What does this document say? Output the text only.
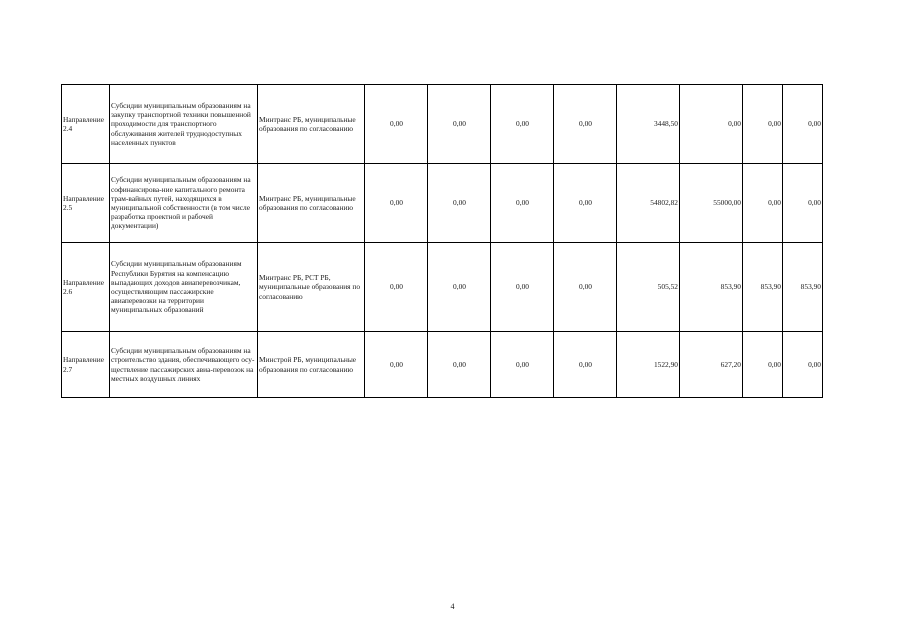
Направление 2.4	Субсидии муниципальным образованиям на закупку транспортной техники повышенной проходимости для транспортного обслуживания жителей труднодоступных населенных пунктов	Минтранс РБ, муниципальные образования по согласованию	0,00	0,00	0,00	0,00	3448,50	0,00	0,00	0,00
Направление 2.5	Субсидии муниципальным образованиям на софинансирова-ние капитального ремонта трам-вайных путей, находящихся в муниципальной собственности (в том числе разработка проектной и рабочей документации)	Минтранс РБ, муниципальные образования по согласованию	0,00	0,00	0,00	0,00	54802,82	55000,00	0,00	0,00
Направление 2.6	Субсидии муниципальным образованиям Республики Бурятия на компенсацию выпадающих доходов авиаперевозчикам, осуществляющим пассажирские авиаперевозки на территории муниципальных образований	Минтранс РБ, РСТ РБ, муниципальные образования по согласованию	0,00	0,00	0,00	0,00	505,52	853,90	853,90	853,90
Направление 2.7	Субсидии муниципальным образованиям на строительство здания, обеспечивающего осу-ществление пассажирских авиа-перевозок на местных воздушных линиях	Минстрой РБ, муниципальные образования по согласованию	0,00	0,00	0,00	0,00	1522,90	627,20	0,00	0,00
4
